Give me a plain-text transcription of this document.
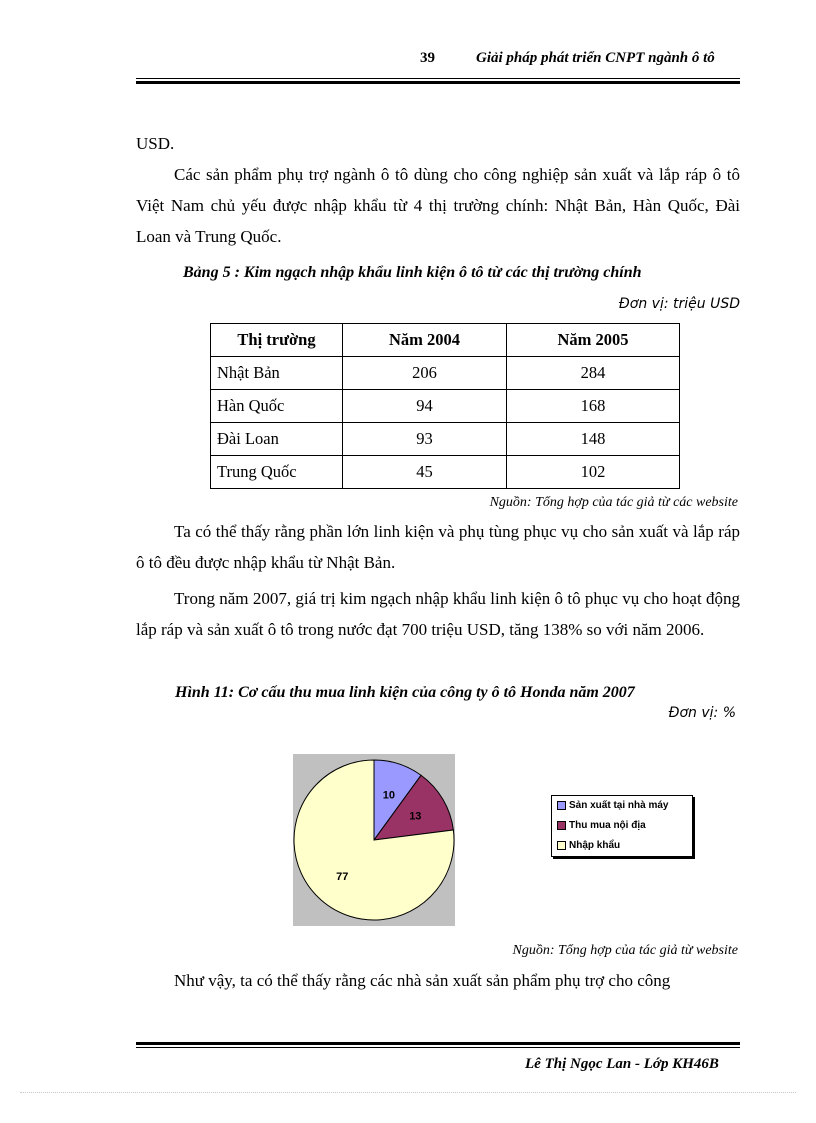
39	Giải pháp phát triển CNPT ngành ô tô
USD.
Các sản phẩm phụ trợ ngành ô tô dùng cho công nghiệp sản xuất và lắp ráp ô tô Việt Nam chủ yếu được nhập khẩu từ 4 thị trường chính: Nhật Bản, Hàn Quốc, Đài Loan và Trung Quốc.
Bảng 5 : Kim ngạch nhập khẩu linh kiện ô tô từ các thị trường chính
Đơn vị: triệu USD
Thị trường	Năm 2004	Năm 2005
Nhật Bản	206	284
Hàn Quốc	94	168
Đài Loan	93	148
Trung Quốc	45	102
Nguồn: Tổng hợp của tác giả từ các website
Ta có thể thấy rằng phần lớn linh kiện và phụ tùng phục vụ cho sản xuất và lắp ráp ô tô đều được nhập khẩu từ Nhật Bản.
Trong năm 2007, giá trị kim ngạch nhập khẩu linh kiện ô tô phục vụ cho hoạt động lắp ráp và sản xuất ô tô trong nước đạt 700 triệu USD, tăng 138% so với năm 2006.
Hình 11: Cơ cấu thu mua linh kiện của công ty ô tô Honda năm 2007
Đơn vị: %
10
13
77
Sản xuất tại nhà máy
Thu mua nội địa
Nhập khẩu
Nguồn: Tổng hợp của tác giả từ website
Như vậy, ta có thể thấy rằng các nhà sản xuất sản phẩm phụ trợ cho công
Lê Thị Ngọc Lan - Lớp KH46B
